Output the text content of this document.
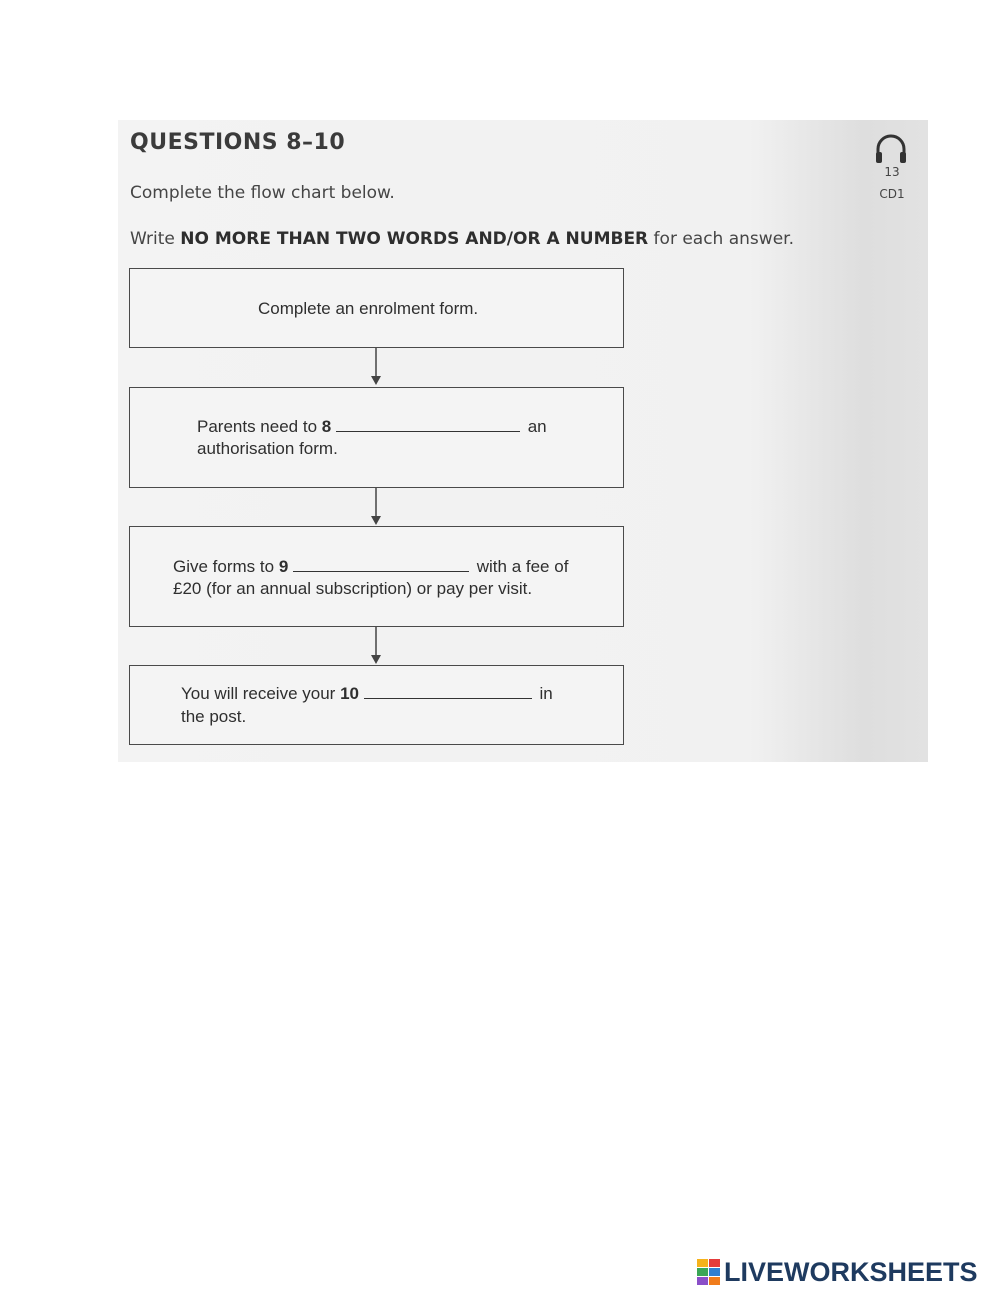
QUESTIONS 8–10
13
CD1
Complete the flow chart below.
Write NO MORE THAN TWO WORDS AND/OR A NUMBER for each answer.
Complete an enrolment form.
Parents need to 8	an
authorisation form.
Give forms to 9	with a fee of
£20 (for an annual subscription) or pay per visit.
You will receive your 10	in
the post.
LIVEWORKSHEETS
